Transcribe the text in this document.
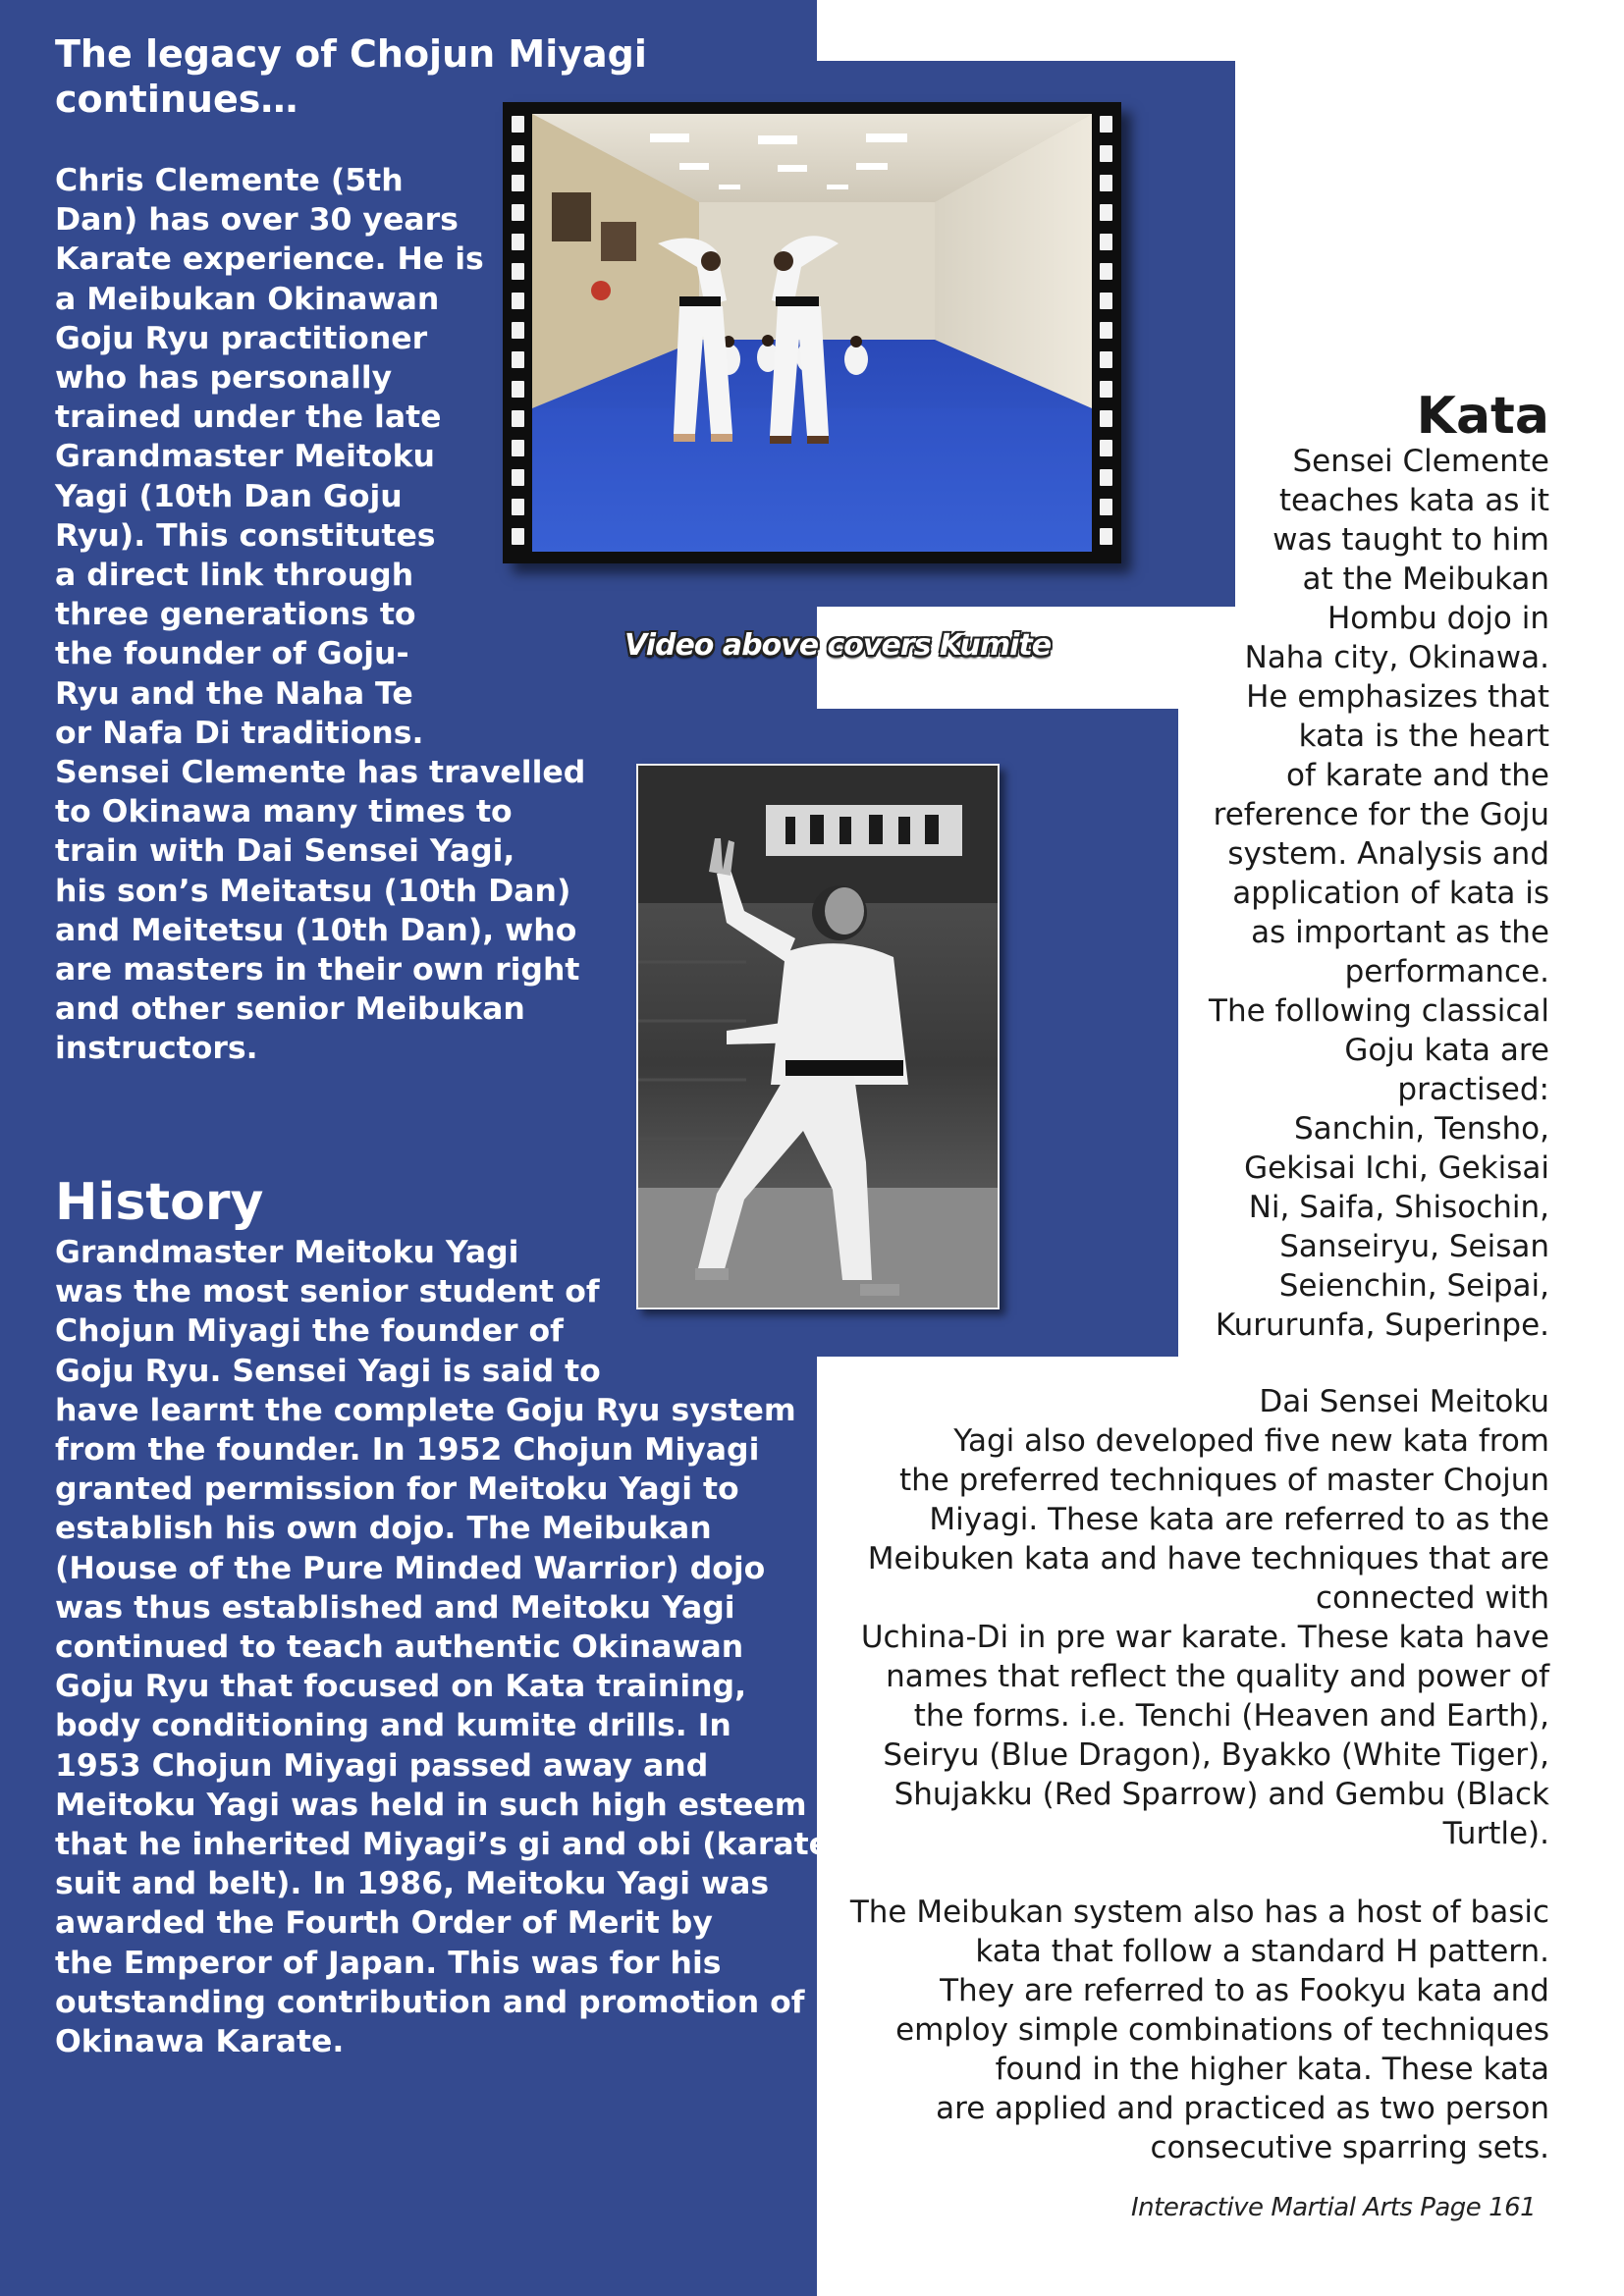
The legacy of Chojun Miyagi
continues…
Chris Clemente (5th
Dan) has over 30 years
Karate experience. He is
a Meibukan Okinawan
Goju Ryu practitioner
who has personally
trained under the late
Grandmaster Meitoku
Yagi (10th Dan Goju
Ryu). This constitutes
a direct link through
three generations to
the founder of Goju-
Ryu and the Naha Te
or Nafa Di traditions.
Sensei Clemente has travelled
to Okinawa many times to
train with Dai Sensei Yagi,
his son’s Meitatsu (10th Dan)
and Meitetsu (10th Dan), who
are masters in their own right
and other senior Meibukan
instructors.
History
Grandmaster Meitoku Yagi
was the most senior student of
Chojun Miyagi the founder of
Goju Ryu. Sensei Yagi is said to
have learnt the complete Goju Ryu system
from the founder. In 1952 Chojun Miyagi
granted permission for Meitoku Yagi to
establish his own dojo. The Meibukan
(House of the Pure Minded Warrior) dojo
was thus established and Meitoku Yagi
continued to teach authentic Okinawan
Goju Ryu that focused on Kata training,
body conditioning and kumite drills. In
1953 Chojun Miyagi passed away and
Meitoku Yagi was held in such high esteem
that he inherited Miyagi’s gi and obi (karate
suit and belt). In 1986, Meitoku Yagi was
awarded the Fourth Order of Merit by
the Emperor of Japan. This was for his
outstanding contribution and promotion of
Okinawa Karate.
Video above covers Kumite
Kata
Sensei Clemente
teaches kata as it
was taught to him
at the Meibukan
Hombu dojo in
Naha city, Okinawa.
He emphasizes that
kata is the heart
of karate and the
reference for the Goju
system. Analysis and
application of kata is
as important as the
performance.
The following classical
Goju kata are
practised:
Sanchin, Tensho,
Gekisai Ichi, Gekisai
Ni, Saifa, Shisochin,
Sanseiryu, Seisan
Seienchin, Seipai,
Kururunfa, Superinpe.
Dai Sensei Meitoku
Yagi also developed five new kata from
the preferred techniques of master Chojun
Miyagi. These kata are referred to as the
Meibuken kata and have techniques that are
connected with
Uchina-Di in pre war karate. These kata have
names that reflect the quality and power of
the forms. i.e. Tenchi (Heaven and Earth),
Seiryu (Blue Dragon), Byakko (White Tiger),
Shujakku (Red Sparrow) and Gembu (Black
Turtle).
The Meibukan system also has a host of basic
kata that follow a standard H pattern.
They are referred to as Fookyu kata and
employ simple combinations of techniques
found in the higher kata. These kata
are applied and practiced as two person
consecutive sparring sets.
Interactive Martial Arts Page 161
